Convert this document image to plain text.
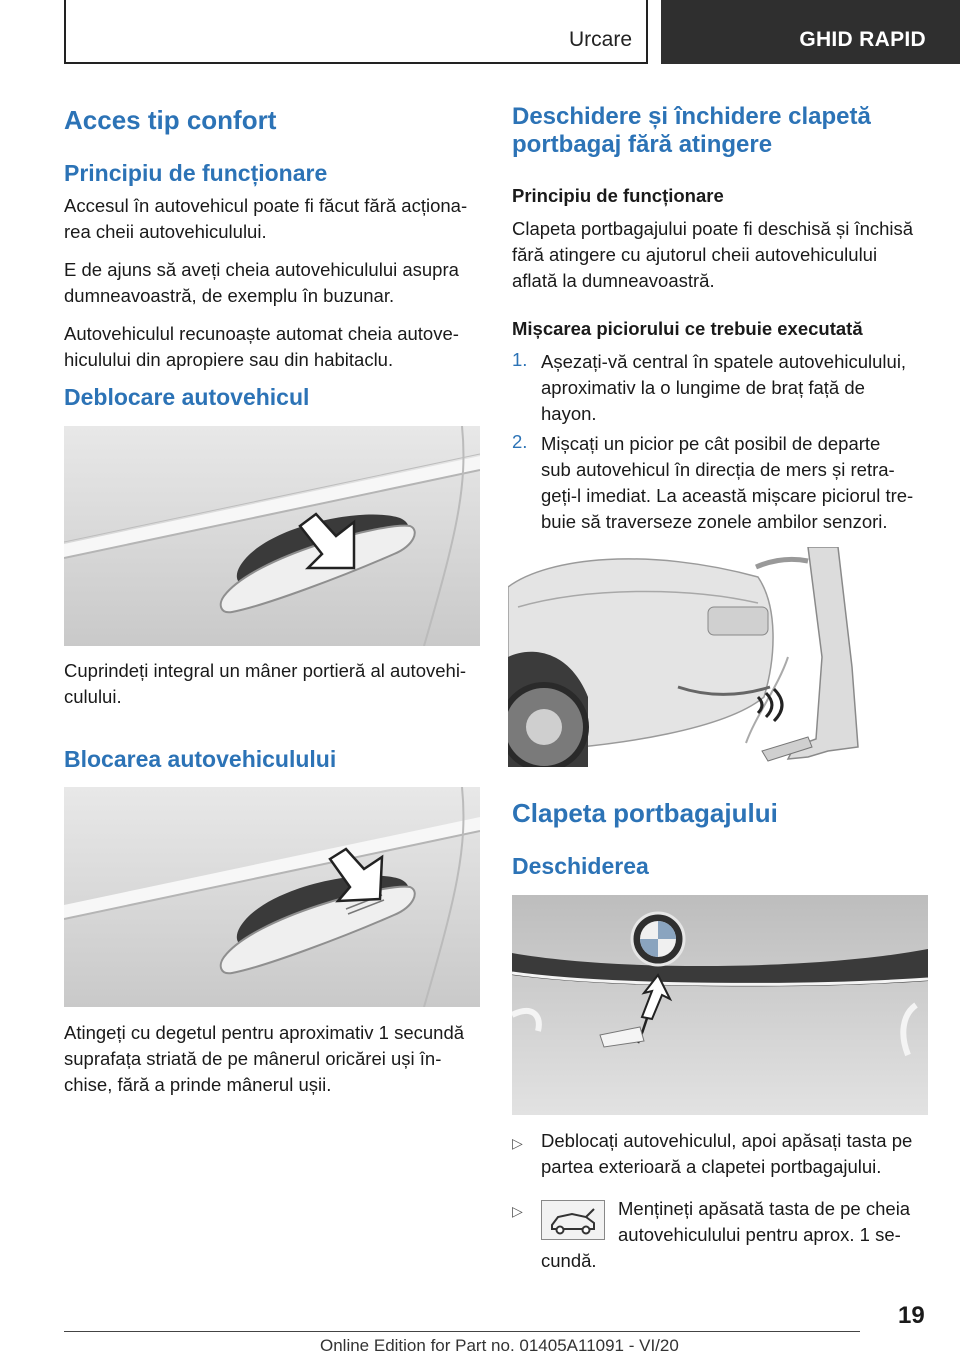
Urcare	GHID RAPID
Acces tip confort
Principiu de funcționare

Accesul în autovehicul poate fi făcut fără acționa-

rea cheii autovehiculului.

E de ajuns să aveți cheia autovehiculului asupra

dumneavoastră, de exemplu în buzunar.

Autovehiculul recunoaște automat cheia autove-

hiculului din apropiere sau din habitaclu.

Deblocare autovehicul

Cuprindeți integral un mâner portieră al autovehi-

culului.

Blocarea autovehiculului

Atingeți cu degetul pentru aproximativ 1 secundă

suprafața striată de pe mânerul oricărei uși în-

chise, fără a prinde mânerul ușii.

Deschidere și închidere clapetă
portbagaj fără atingere
Principiu de funcționare

Clapeta portbagajului poate fi deschisă și închisă

fără atingere cu ajutorul cheii autovehiculului

aflată la dumneavoastră.

Mișcarea piciorului ce trebuie executată
1. Așezați-vă central în spatele autovehiculului,

aproximativ la o lungime de braț față de

hayon.

2. Mișcați un picior pe cât posibil de departe

sub autovehicul în direcția de mers și retra-

geți-l imediat. La această mișcare piciorul tre-

buie să traverseze zonele ambilor senzori.

Clapeta portbagajului
Deschiderea
▷ Deblocați autovehiculul, apoi apăsați tasta pe

partea exterioară a clapetei portbagajului.

▷	Mențineți apăsată tasta de pe cheia

autovehiculului pentru aprox. 1 se-

cundă.

19
Online Edition for Part no. 01405A11091 - VI/20
